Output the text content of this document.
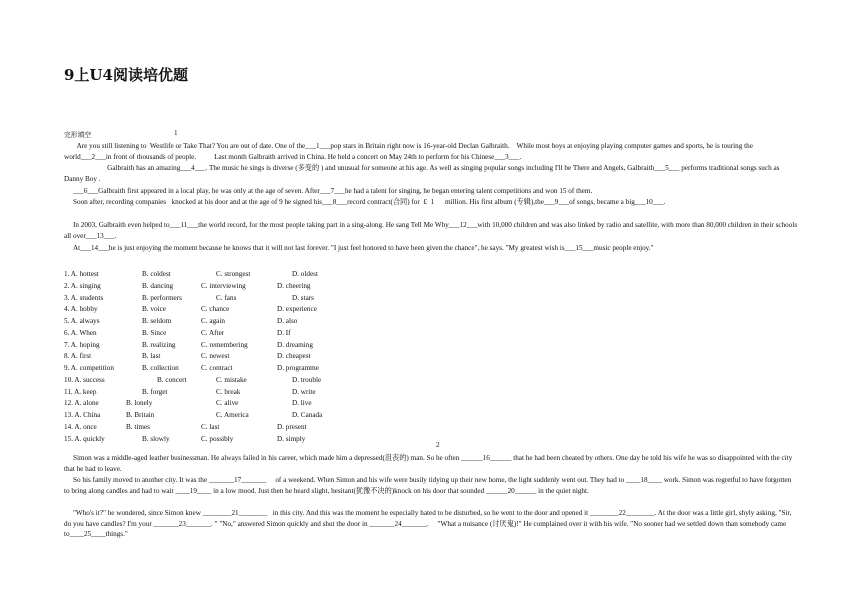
9上U4阅读培优题
完形填空	1

Are you still listening to  Westlife or Take That? You are out of date. One of the___1___pop stars in Britain right now is 16-year-old Declan Galbraith.    While most boys at enjoying playing computer games and sports, he is touring the world___2___in front of thousands of people.          Last month Galbraith arrived in China. He held a concert on May 24th to perform for his Chinese___3___.

Galbraith has an amazing___4___. The music he sings is diverse (多变的 ) and unusual for someone at his age. As well as singing popular songs including I'll be There and Angels, Galbraith___5___ performs traditional songs such as Danny Boy .

___6___Galbraith first appeared in a local play, he was only at the age of seven. After___7___he had a talent for singing, he began entering talent competitions and won 15 of them.

Soon after, recording companies   knocked at his door and at the age of 9 he signed his___8___record contract(合同) for  ₤  1      million. His first album (专辑),the___9___of songs, became a big___10___.

In 2003, Galbraith even helped to___11___the world record, for the most people taking part in a sing-along. He sang Tell Me Why___12___with 10,000 children and was also linked by radio and satellite, with more than 80,000 children in their schools all over___13___.

At___14___he is just enjoying the moment because he knows that it will not last forever. "I just feel honored to have been given the chance", he says. "My greatest wish is___15___music people enjoy."

1. A. hottest	B. coldest	C. strongest	D. oldest
2. A. singing	B. dancing	C. interviewing	D. cheering
3. A. students	B. performers	C. fans	D. stars
4. A. hobby	B. voice	C. chance	D. experience
5. A. always	B. seldom	C. again	D. also
6. A. When	B. Since	C. After	D. If
7. A. hoping	B. realizing	C. remembering	D. dreaming
8. A. first	B. last	C. newest	D. cheapest
9. A. competition	B. collection	C. contract	D. programme
10. A. success	B. concert	C. mistake	D. trouble
11. A. keep	B. forget	C. break	D. write
12. A. alone	B. lonely	C. alive	D. live
13. A. China	B. Britain	C. America	D. Canada
14. A. once	B. times	C. last	D. present
15. A. quickly	B. slowly	C. possibly	D. simply
2

Simon was a middle-aged leather businessman. He always failed in his career, which made him a depressed(沮丧的) man. So he often ______16______ that he had been cheated by others. One day he told his wife he was so disappointed with the city that he had to leave.

So his family moved to another city. It was the _______17_______     of a weekend. When Simon and his wife were busily tidying up their new home, the light suddenly went out. They had to ____18____ work. Simon was regretful to have forgotten to bring along candles and had to wait ____19____ in a low mood. Just then he heard slight, hesitant(犹豫不决的)knock on his door that sounded ______20______ in the quiet night.

"Who's it?" he wondered, since Simon knew ________21________   in this city. And this was the moment he especially hated to be disturbed, so he went to the door and opened it ________22________. At the door was a little girl, shyly asking, "Sir, do you have candles? I'm your _______23_______. " "No," answered Simon quickly and shut the door in _______24_______.     "What a nuisance (讨厌鬼)!" He complained over it with his wife. "No sooner had we settled down than somebody came to____25____things."
